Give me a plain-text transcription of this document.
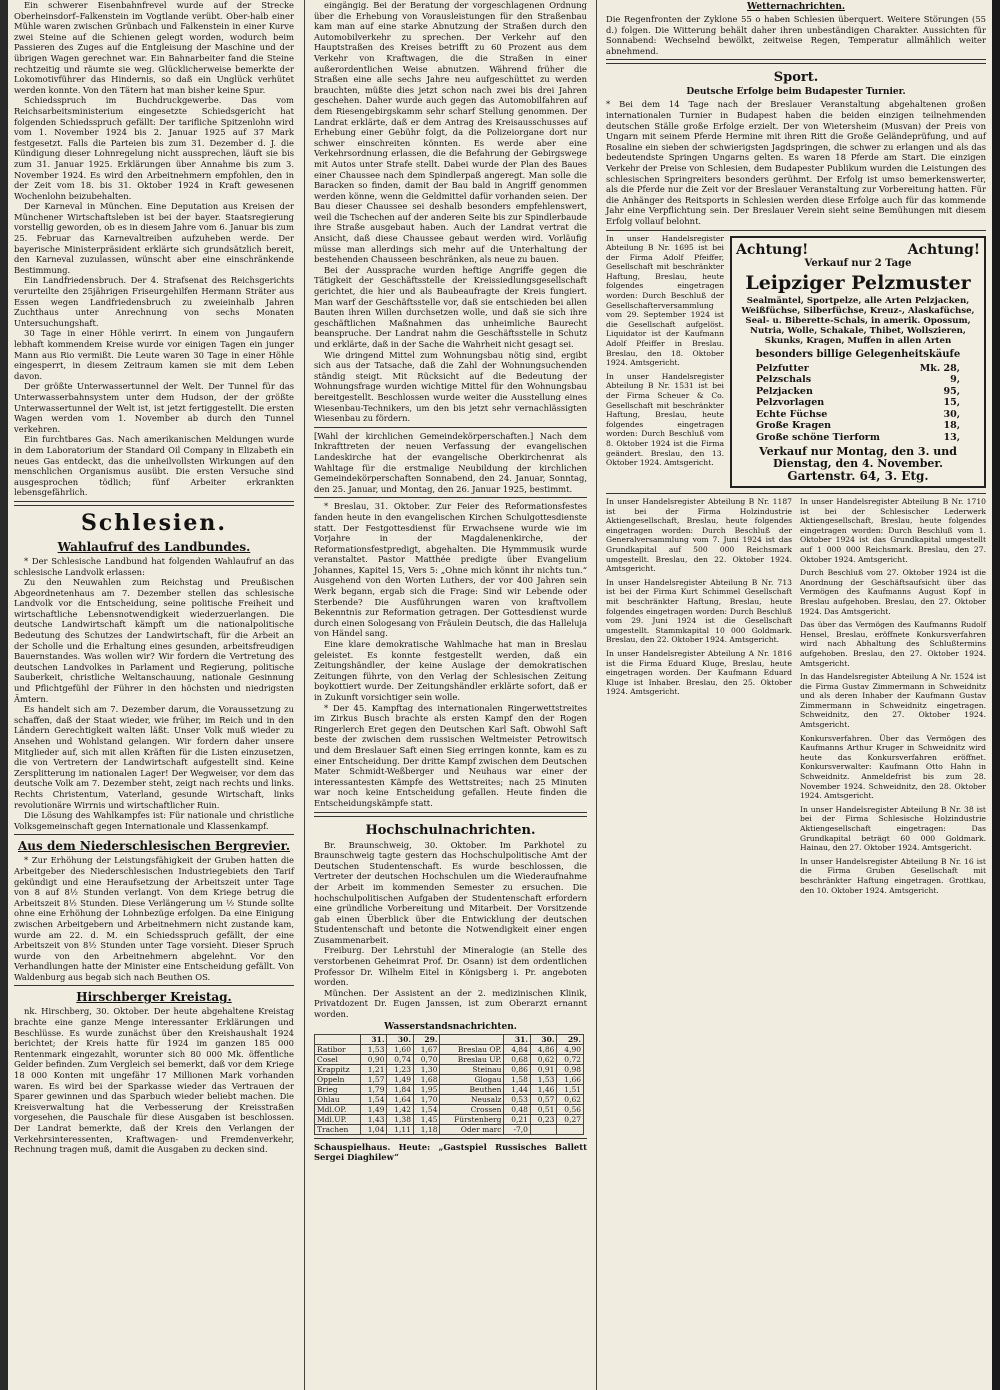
Ein schwerer Eisenbahnfrevel wurde auf der Strecke Oberheinsdorf–Falkenstein im Vogtlande verübt. Ober-halb einer Mühle waren zwischen Grünbach und Falkenstein in einer Kurve zwei Steine auf die Schienen gelegt worden, wodurch beim Passieren des Zuges auf die Entgleisung der Maschine und der übrigen Wagen gerechnet war. Ein Bahnarbeiter fand die Steine rechtzeitig und räumte sie weg. Glücklicherweise bemerkte der Lokomotivführer das Hindernis, so daß ein Unglück verhütet werden konnte. Von den Tätern hat man bisher keine Spur.

Schiedsspruch im Buchdruckgewerbe. Das vom Reichsarbeitsministerium eingesetzte Schiedsgericht hat folgenden Schiedsspruch gefällt: Der tarifliche Spitzenlohn wird vom 1. November 1924 bis 2. Januar 1925 auf 37 Mark festgesetzt. Falls die Parteien bis zum 31. Dezember d. J. die Kündigung dieser Lohnregelung nicht aussprechen, läuft sie bis zum 31. Januar 1925. Erklärungen über Annahme bis zum 3. November 1924. Es wird den Arbeitnehmern empfohlen, den in der Zeit vom 18. bis 31. Oktober 1924 in Kraft gewesenen Wochenlohn beizubehalten.

Der Karneval in München. Eine Deputation aus Kreisen der Münchener Wirtschaftsleben ist bei der bayer. Staatsregierung vorstellig geworden, ob es in diesem Jahre vom 6. Januar bis zum 25. Februar das Karnevaltreiben aufzuheben werde. Der bayerische Ministerpräsident erklärte sich grundsätzlich bereit, den Karneval zuzulassen, wünscht aber eine einschränkende Bestimmung.

Ein Landfriedensbruch. Der 4. Strafsenat des Reichsgerichts verurteilte den 25jährigen Friseurgehilfen Hermann Sträter aus Essen wegen Landfriedensbruch zu zweieinhalb Jahren Zuchthaus unter Anrechnung von sechs Monaten Untersuchungshaft.

30 Tage in einer Höhle verirrt. In einem von Jungaufern lebhaft kommendem Kreise wurde vor einigen Tagen ein junger Mann aus Rio vermißt. Die Leute waren 30 Tage in einer Höhle eingesperrt, in diesem Zeitraum kamen sie mit dem Leben davon.

Der größte Unterwassertunnel der Welt. Der Tunnel für das Unterwasserbahnsystem unter dem Hudson, der der größte Unterwassertunnel der Welt ist, ist jetzt fertiggestellt. Die ersten Wagen werden vom 1. November ab durch den Tunnel verkehren.

Ein furchtbares Gas. Nach amerikanischen Meldungen wurde in dem Laboratorium der Standard Oil Company in Elizabeth ein neues Gas entdeckt, das die unheilvollsten Wirkungen auf den menschlichen Organismus ausübt. Die ersten Versuche sind ausgesprochen tödlich; fünf Arbeiter erkrankten lebensgefährlich.

Schlesien.
Wahlaufruf des Landbundes.

* Der Schlesische Landbund hat folgenden Wahlaufruf an das schlesische Landvolk erlassen:

Zu den Neuwahlen zum Reichstag und Preußischen Abgeordnetenhaus am 7. Dezember stellen das schlesische Landvolk vor die Entscheidung, seine politische Freiheit und wirtschaftliche Lebensnotwendigkeit wiederzuerlangen. Die deutsche Landwirtschaft kämpft um die nationalpolitische Bedeutung des Schutzes der Landwirtschaft, für die Arbeit an der Scholle und die Erhaltung eines gesunden, arbeitsfreudigen Bauernstandes. Was wollen wir? Wir fordern die Vertretung des deutschen Landvolkes in Parlament und Regierung, politische Sauberkeit, christliche Weltanschauung, nationale Gesinnung und Pflichtgefühl der Führer in den höchsten und niedrigsten Ämtern.

Es handelt sich am 7. Dezember darum, die Voraussetzung zu schaffen, daß der Staat wieder, wie früher, im Reich und in den Ländern Gerechtigkeit walten läßt. Unser Volk muß wieder zu Ansehen und Wohlstand gelangen. Wir fordern daher unsere Mitglieder auf, sich mit allen Kräften für die Listen einzusetzen, die von Vertretern der Landwirtschaft aufgestellt sind. Keine Zersplitterung im nationalen Lager! Der Wegweiser, vor dem das deutsche Volk am 7. Dezember steht, zeigt nach rechts und links. Rechts Christentum, Vaterland, gesunde Wirtschaft, links revolutionäre Wirrnis und wirtschaftlicher Ruin.

Die Lösung des Wahlkampfes ist: Für nationale und christliche Volksgemeinschaft gegen Internationale und Klassenkampf.

Aus dem Niederschlesischen Bergrevier.

* Zur Erhöhung der Leistungsfähigkeit der Gruben hatten die Arbeitgeber des Niederschlesischen Industriegebiets den Tarif gekündigt und eine Heraufsetzung der Arbeitszeit unter Tage von 8 auf 8½ Stunden verlangt. Von dem Kriege betrug die Arbeitszeit 8½ Stunden. Diese Verlängerung um ½ Stunde sollte ohne eine Erhöhung der Lohnbezüge erfolgen. Da eine Einigung zwischen Arbeitgebern und Arbeitnehmern nicht zustande kam, wurde am 22. d. M. ein Schiedsspruch gefällt, der eine Arbeitszeit von 8½ Stunden unter Tage vorsieht. Dieser Spruch wurde von den Arbeitnehmern abgelehnt. Vor den Verhandlungen hatte der Minister eine Entscheidung gefällt. Von Waldenburg aus begab sich nach Beuthen OS.

Hirschberger Kreistag.

nk. Hirschberg, 30. Oktober. Der heute abgehaltene Kreistag brachte eine ganze Menge interessanter Erklärungen und Beschlüsse. Es wurde zunächst über den Kreishaushalt 1924 berichtet; der Kreis hatte für 1924 im ganzen 185 000 Rentenmark eingezahlt, worunter sich 80 000 Mk. öffentliche Gelder befinden. Zum Vergleich sei bemerkt, daß vor dem Kriege 18 000 Konten mit ungefähr 17 Millionen Mark vorhanden waren. Es wird bei der Sparkasse wieder das Vertrauen der Sparer gewinnen und das Sparbuch wieder beliebt machen. Die Kreisverwaltung hat die Verbesserung der Kreisstraßen vorgesehen, die Pauschale für diese Ausgaben ist beschlossen. Der Landrat bemerkte, daß der Kreis den Verlangen der Verkehrsinteressenten, Kraftwagen- und Fremdenverkehr, Rechnung tragen muß, damit die Ausgaben zu decken sind.

eingängig. Bei der Beratung der vorgeschlagenen Ordnung über die Erhebung von Vorausleistungen für den Straßenbau kam man auf eine starke Abnutzung der Straßen durch den Automobilverkehr zu sprechen. Der Verkehr auf den Hauptstraßen des Kreises betrifft zu 60 Prozent aus dem Verkehr von Kraftwagen, die die Straßen in einer außerordentlichen Weise abnutzen. Während früher die Straßen eine alle sechs Jahre neu aufgeschüttet zu werden brauchten, müßte dies jetzt schon nach zwei bis drei Jahren geschehen. Daher wurde auch gegen das Automobilfahren auf dem Riesengebirgskamm sehr scharf Stellung genommen. Der Landrat erklärte, daß er dem Antrag des Kreisausschusses auf Erhebung einer Gebühr folgt, da die Polizeiorgane dort nur schwer einschreiten könnten. Es werde aber eine Verkehrsordnung erlassen, die die Befahrung der Gebirgswege mit Autos unter Strafe stellt. Dabei wurde der Plan des Baues einer Chaussee nach dem Spindlerpaß angeregt. Man solle die Baracken so finden, damit der Bau bald in Angriff genommen werden könne, wenn die Geldmittel dafür vorhanden seien. Der Bau dieser Chaussee sei deshalb besonders empfehlenswert, weil die Tschechen auf der anderen Seite bis zur Spindlerbaude ihre Straße ausgebaut haben. Auch der Landrat vertrat die Ansicht, daß diese Chaussee gebaut werden wird. Vorläufig müsse man allerdings sich mehr auf die Unterhaltung der bestehenden Chausseen beschränken, als neue zu bauen.

Bei der Aussprache wurden heftige Angriffe gegen die Tätigkeit der Geschäftsstelle der Kreissiedlungsgesellschaft gerichtet, die hier und als Baubeaufragte der Kreis fungiert. Man warf der Geschäftsstelle vor, daß sie entschieden bei allen Bauten ihren Willen durchsetzen wolle, und daß sie sich ihre geschäftlichen Maßnahmen das unheimliche Baurecht beanspruche. Der Landrat nahm die Geschäftsstelle in Schutz und erklärte, daß in der Sache die Wahrheit nicht gesagt sei.

Wie dringend Mittel zum Wohnungsbau nötig sind, ergibt sich aus der Tatsache, daß die Zahl der Wohnungsuchenden ständig steigt. Mit Rücksicht auf die Bedeutung der Wohnungsfrage wurden wichtige Mittel für den Wohnungsbau bereitgestellt. Beschlossen wurde weiter die Ausstellung eines Wiesenbau-Technikers, um den bis jetzt sehr vernachlässigten Wiesenbau zu fördern.

[Wahl der kirchlichen Gemeindekörperschaften.] Nach dem Inkrafttreten der neuen Verfassung der evangelischen Landeskirche hat der evangelische Oberkirchenrat als Wahltage für die erstmalige Neubildung der kirchlichen Gemeindekörperschaften Sonnabend, den 24. Januar, Sonntag, den 25. Januar, und Montag, den 26. Januar 1925, bestimmt.

* Breslau, 31. Oktober. Zur Feier des Reformationsfestes fanden heute in den evangelischen Kirchen Schulgottesdienste statt. Der Festgottesdienst für Erwachsene wurde wie im Vorjahre in der Magdalenenkirche, der Reformationsfestpredigt, abgehalten. Die Hymmmusik wurde veranstaltet. Pastor Matthée predigte über Evangelium Johannes, Kapitel 15, Vers 5: „Ohne mich könnt ihr nichts tun.“ Ausgehend von den Worten Luthers, der vor 400 Jahren sein Werk begann, ergab sich die Frage: Sind wir Lebende oder Sterbende? Die Ausführungen waren von kraftvollem Bekenntnis zur Reformation getragen. Der Gottesdienst wurde durch einen Sologesang von Fräulein Deutsch, die das Halleluja von Händel sang.

Eine klare demokratische Wahlmache hat man in Breslau geleistet. Es konnte festgestellt werden, daß ein Zeitungshändler, der keine Auslage der demokratischen Zeitungen führte, von den Verlag der Schlesischen Zeitung boykottiert wurde. Der Zeitungshändler erklärte sofort, daß er in Zukunft vorsichtiger sein wolle.

* Der 45. Kampftag des internationalen Ringerwettstreites im Zirkus Busch brachte als ersten Kampf den der Rogen Ringerlerch Eret gegen den Deutschen Karl Saft. Obwohl Saft beste der zwischen dem russischen Weltmeister Petrowitsch und dem Breslauer Saft einen Sieg erringen konnte, kam es zu einer Entscheidung. Der dritte Kampf zwischen dem Deutschen Mater Schmidt-Weßberger und Neuhaus war einer der interessantesten Kämpfe des Wettstreites; nach 25 Minuten war noch keine Entscheidung gefallen. Heute finden die Entscheidungskämpfe statt.

Hochschulnachrichten.

Br. Braunschweig, 30. Oktober. Im Parkhotel zu Braunschweig tagte gestern das Hochschulpolitische Amt der Deutschen Studentenschaft. Es wurde beschlossen, die Vertreter der deutschen Hochschulen um die Wiederaufnahme der Arbeit im kommenden Semester zu ersuchen. Die hochschulpolitischen Aufgaben der Studentenschaft erfordern eine gründliche Vorbereitung und Mitarbeit. Der Vorsitzende gab einen Überblick über die Entwicklung der deutschen Studentenschaft und betonte die Notwendigkeit einer engen Zusammenarbeit.

Freiburg. Der Lehrstuhl der Mineralogie (an Stelle des verstorbenen Geheimrat Prof. Dr. Osann) ist dem ordentlichen Professor Dr. Wilhelm Eitel in Königsberg i. Pr. angeboten worden.

München. Der Assistent an der 2. medizinischen Klinik, Privatdozent Dr. Eugen Janssen, ist zum Oberarzt ernannt worden.

Wasserstandsnachrichten.
	31.	30.	29.		31.	30.	29.
Ratibor	1,53	1,60	1,67	Breslau OP.	4,84	4,86	4,90
Cosel	0,90	0,74	0,70	Breslau UP.	0,68	0,62	0,72
Krappitz	1,21	1,23	1,30	Steinau	0,86	0,91	0,98
Oppeln	1,57	1,49	1,68	Glogau	1,58	1,53	1,66
Brieg	1,79	1,84	1,95	Beuthen	1,44	1,46	1,51
Ohlau	1,54	1,64	1,70	Neusalz	0,53	0,57	0,62
Mdl.OP.	1,49	1,42	1,54	Crossen	0,48	0,51	0,56
Mdl.UP.	1,43	1,38	1,45	Fürstenberg	0,21	0,23	0,27
Trachen	1,04	1,11	1,18	Oder marc	-7,0		

Schauspielhaus. Heute: „Gastspiel Russisches Ballett Sergei Diaghilew“

Wetternachrichten.

Die Regenfronten der Zyklone 55 o haben Schlesien überquert. Weitere Störungen (55 d.) folgen. Die Witterung behält daher ihren unbeständigen Charakter. Aussichten für Sonnabend: Wechselnd bewölkt, zeitweise Regen, Temperatur allmählich weiter abnehmend.

Sport.
Deutsche Erfolge beim Budapester Turnier.

* Bei dem 14 Tage nach der Breslauer Veranstaltung abgehaltenen großen internationalen Turnier in Budapest haben die beiden einzigen teilnehmenden deutschen Ställe große Erfolge erzielt. Der von Wietersheim (Musvan) der Preis von Ungarn mit seinem Pferde Hermine mit ihren Ritt die Große Geländeprüfung, und auf Rosaline ein sieben der schwierigsten Jagdspringen, die schwer zu erlangen und als das bedeutendste Springen Ungarns gelten. Es waren 18 Pferde am Start. Die einzigen Verkehr der Preise von Schlesien, dem Budapester Publikum wurden die Leistungen des schlesischen Springreiters besonders gerühmt. Der Erfolg ist umso bemerkenswerter, als die Pferde nur die Zeit vor der Breslauer Veranstaltung zur Vorbereitung hatten. Für die Anhänger des Reitsports in Schlesien werden diese Erfolge auch für das kommende Jahr eine Verpflichtung sein. Der Breslauer Verein sieht seine Bemühungen mit diesem Erfolg vollauf belohnt.

In unser Handelsregister Abteilung B Nr. 1695 ist bei der Firma Adolf Pfeiffer, Gesellschaft mit beschränkter Haftung, Breslau, heute folgendes eingetragen worden: Durch Beschluß der Gesellschafterversammlung vom 29. September 1924 ist die Gesellschaft aufgelöst. Liquidator ist der Kaufmann Adolf Pfeiffer in Breslau. Breslau, den 18. Oktober 1924. Amtsgericht.

In unser Handelsregister Abteilung B Nr. 1531 ist bei der Firma Scheuer & Co. Gesellschaft mit beschränkter Haftung, Breslau, heute folgendes eingetragen worden: Durch Beschluß vom 8. Oktober 1924 ist die Firma geändert. Breslau, den 13. Oktober 1924. Amtsgericht.

Achtung!	Achtung!
Verkauf nur 2 Tage
Leipziger Pelzmuster
Sealmäntel, Sportpelze, alle Arten Pelzjacken, Weißfüchse, Silberfüchse, Kreuz-, Alaskafüchse, Seal- u. Biberette-Schals, in amerik. Opossum, Nutria, Wolle, Schakale, Thibet, Wollszieren, Skunks, Kragen, Muffen in allen Arten
besonders billige Gelegenheitskäufe
Pelzfutter	Mk. 28,
Pelzschals	9,
Pelzjacken	95,
Pelzvorlagen	15,
Echte Füchse	30,
Große Kragen	18,
Große schöne Tierform	13,
Verkauf nur Montag, den 3. und Dienstag, den 4. November.
Gartenstr. 64, 3. Etg.

In unser Handelsregister Abteilung B Nr. 1187 ist bei der Firma Holzindustrie Aktiengesellschaft, Breslau, heute folgendes eingetragen worden: Durch Beschluß der Generalversammlung vom 7. Juni 1924 ist das Grundkapital auf 500 000 Reichsmark umgestellt. Breslau, den 22. Oktober 1924. Amtsgericht.

In unser Handelsregister Abteilung B Nr. 713 ist bei der Firma Kurt Schimmel Gesellschaft mit beschränkter Haftung, Breslau, heute folgendes eingetragen worden: Durch Beschluß vom 29. Juni 1924 ist die Gesellschaft umgestellt. Stammkapital 10 000 Goldmark. Breslau, den 22. Oktober 1924. Amtsgericht.

In unser Handelsregister Abteilung A Nr. 1816 ist die Firma Eduard Kluge, Breslau, heute eingetragen worden. Der Kaufmann Eduard Kluge ist Inhaber. Breslau, den 25. Oktober 1924. Amtsgericht.

In unser Handelsregister Abteilung B Nr. 1710 ist bei der Schlesischer Lederwerk Aktiengesellschaft, Breslau, heute folgendes eingetragen worden: Durch Beschluß vom 1. Oktober 1924 ist das Grundkapital umgestellt auf 1 000 000 Reichsmark. Breslau, den 27. Oktober 1924. Amtsgericht.

Durch Beschluß vom 27. Oktober 1924 ist die Anordnung der Geschäftsaufsicht über das Vermögen des Kaufmanns August Kopf in Breslau aufgehoben. Breslau, den 27. Oktober 1924. Das Amtsgericht.

Das über das Vermögen des Kaufmanns Rudolf Hensel, Breslau, eröffnete Konkursverfahren wird nach Abhaltung des Schlußtermins aufgehoben. Breslau, den 27. Oktober 1924. Amtsgericht.

In das Handelsregister Abteilung A Nr. 1524 ist die Firma Gustav Zimmermann in Schweidnitz und als deren Inhaber der Kaufmann Gustav Zimmermann in Schweidnitz eingetragen. Schweidnitz, den 27. Oktober 1924. Amtsgericht.

Konkursverfahren. Über das Vermögen des Kaufmanns Arthur Kruger in Schweidnitz wird heute das Konkursverfahren eröffnet. Konkursverwalter: Kaufmann Otto Hahn in Schweidnitz. Anmeldefrist bis zum 28. November 1924. Schweidnitz, den 28. Oktober 1924. Amtsgericht.

In unser Handelsregister Abteilung B Nr. 38 ist bei der Firma Schlesische Holzindustrie Aktiengesellschaft eingetragen: Das Grundkapital beträgt 60 000 Goldmark. Hainau, den 27. Oktober 1924. Amtsgericht.

In unser Handelsregister Abteilung B Nr. 16 ist die Firma Gruben Gesellschaft mit beschränkter Haftung eingetragen. Grottkau, den 10. Oktober 1924. Amtsgericht.
